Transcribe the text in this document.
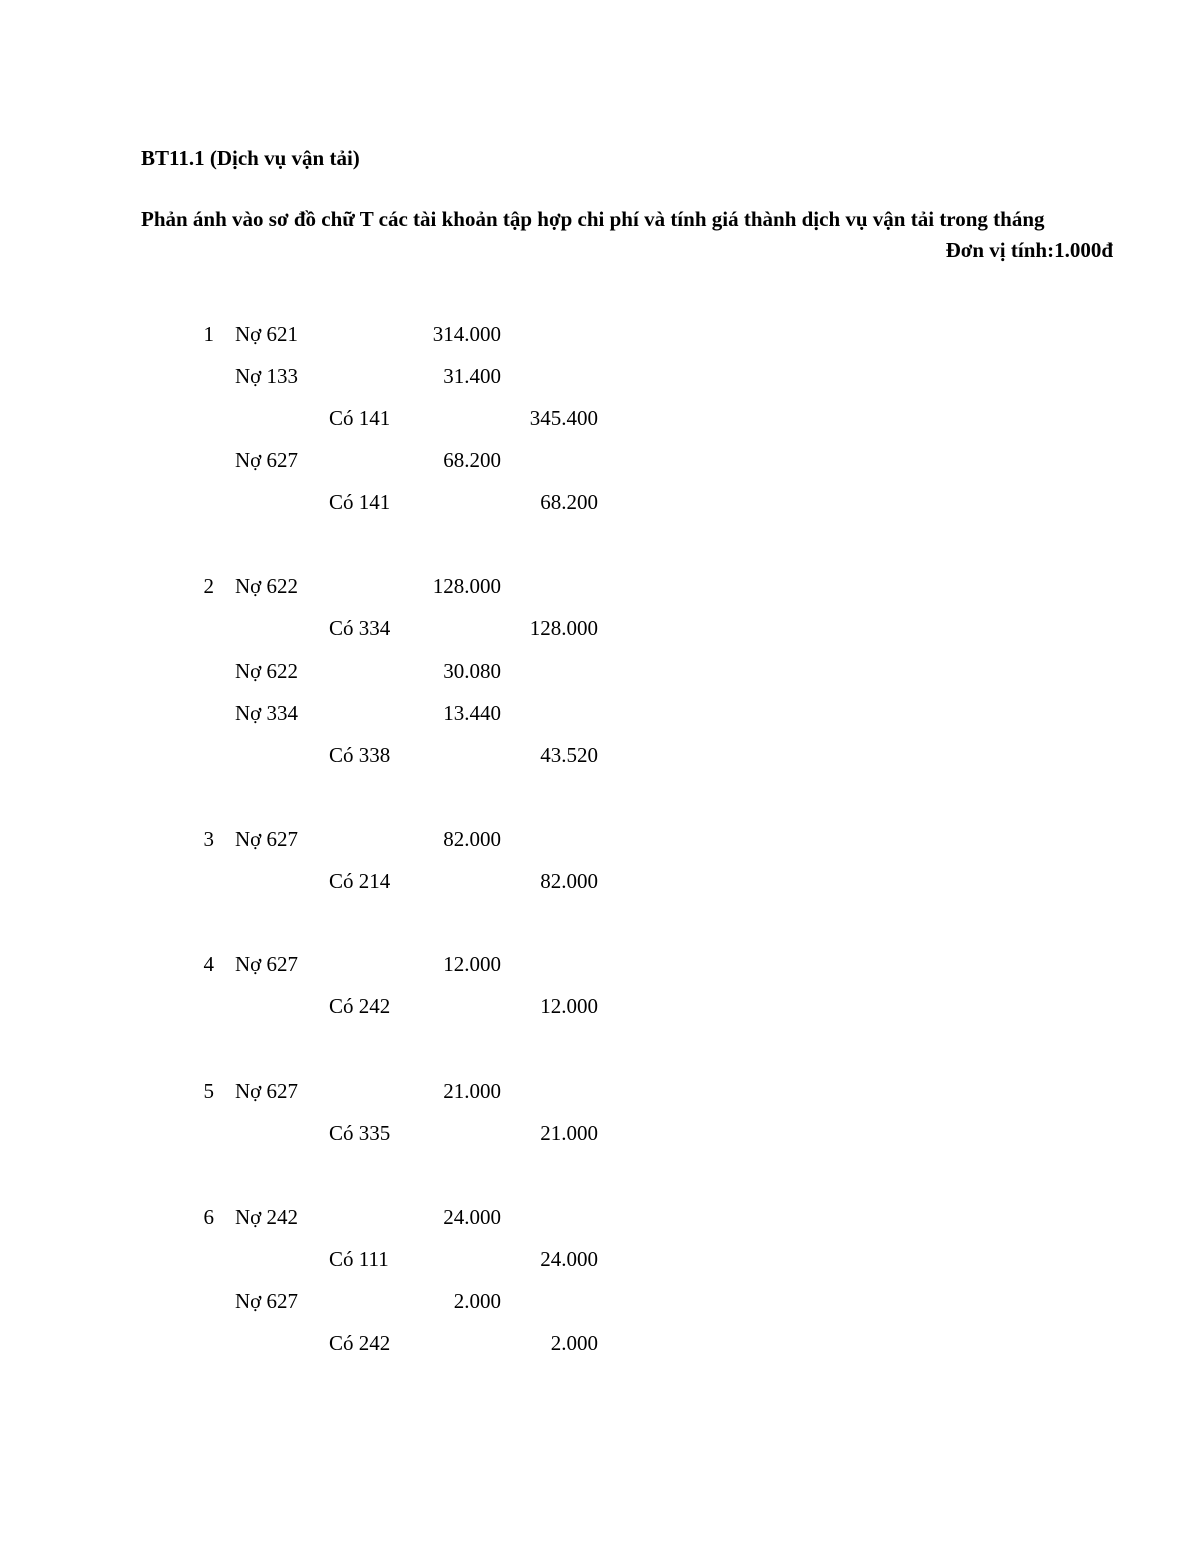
BT11.1 (Dịch vụ vận tải)
Phản ánh vào sơ đồ chữ T các tài khoản tập hợp chi phí và tính giá thành dịch vụ vận tải trong tháng
Đơn vị tính:1.000đ
1 Nợ 621	314.000
Nợ 133	31.400
Có 141	345.400
Nợ 627	68.200
Có 141	68.200
2 Nợ 622	128.000
Có 334	128.000
Nợ 622	30.080
Nợ 334	13.440
Có 338	43.520
3 Nợ 627	82.000
Có 214	82.000
4 Nợ 627	12.000
Có 242	12.000
5 Nợ 627	21.000
Có 335	21.000
6 Nợ 242	24.000
Có 111	24.000
Nợ 627	2.000
Có 242	2.000
